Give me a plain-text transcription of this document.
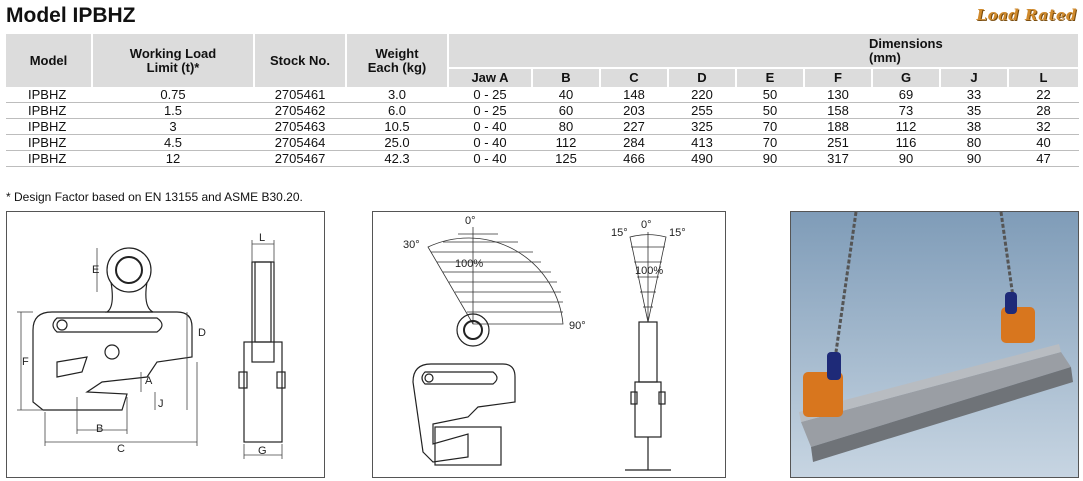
Model IPBHZ	Load Rated
Model	Working Load Limit (t)*	Stock No.	Weight Each (kg)	Dimensions (mm)								
				Jaw A	B	C	D	E	F	G	J	L
IPBHZ	0.75	2705461	3.0	0 - 25	40	148	220	50	130	69	33	22
IPBHZ	1.5	2705462	6.0	0 - 25	60	203	255	50	158	73	35	28
IPBHZ	3	2705463	10.5	0 - 40	80	227	325	70	188	112	38	32
IPBHZ	4.5	2705464	25.0	0 - 40	112	284	413	70	251	116	80	40
IPBHZ	12	2705467	42.3	0 - 40	125	466	490	90	317	90	90	47
* Design Factor based on EN 13155 and ASME B30.20.
E
D
F
A
J
B
C
L
G
0°
30°
90°
100%
15°
0°
15°
100%
